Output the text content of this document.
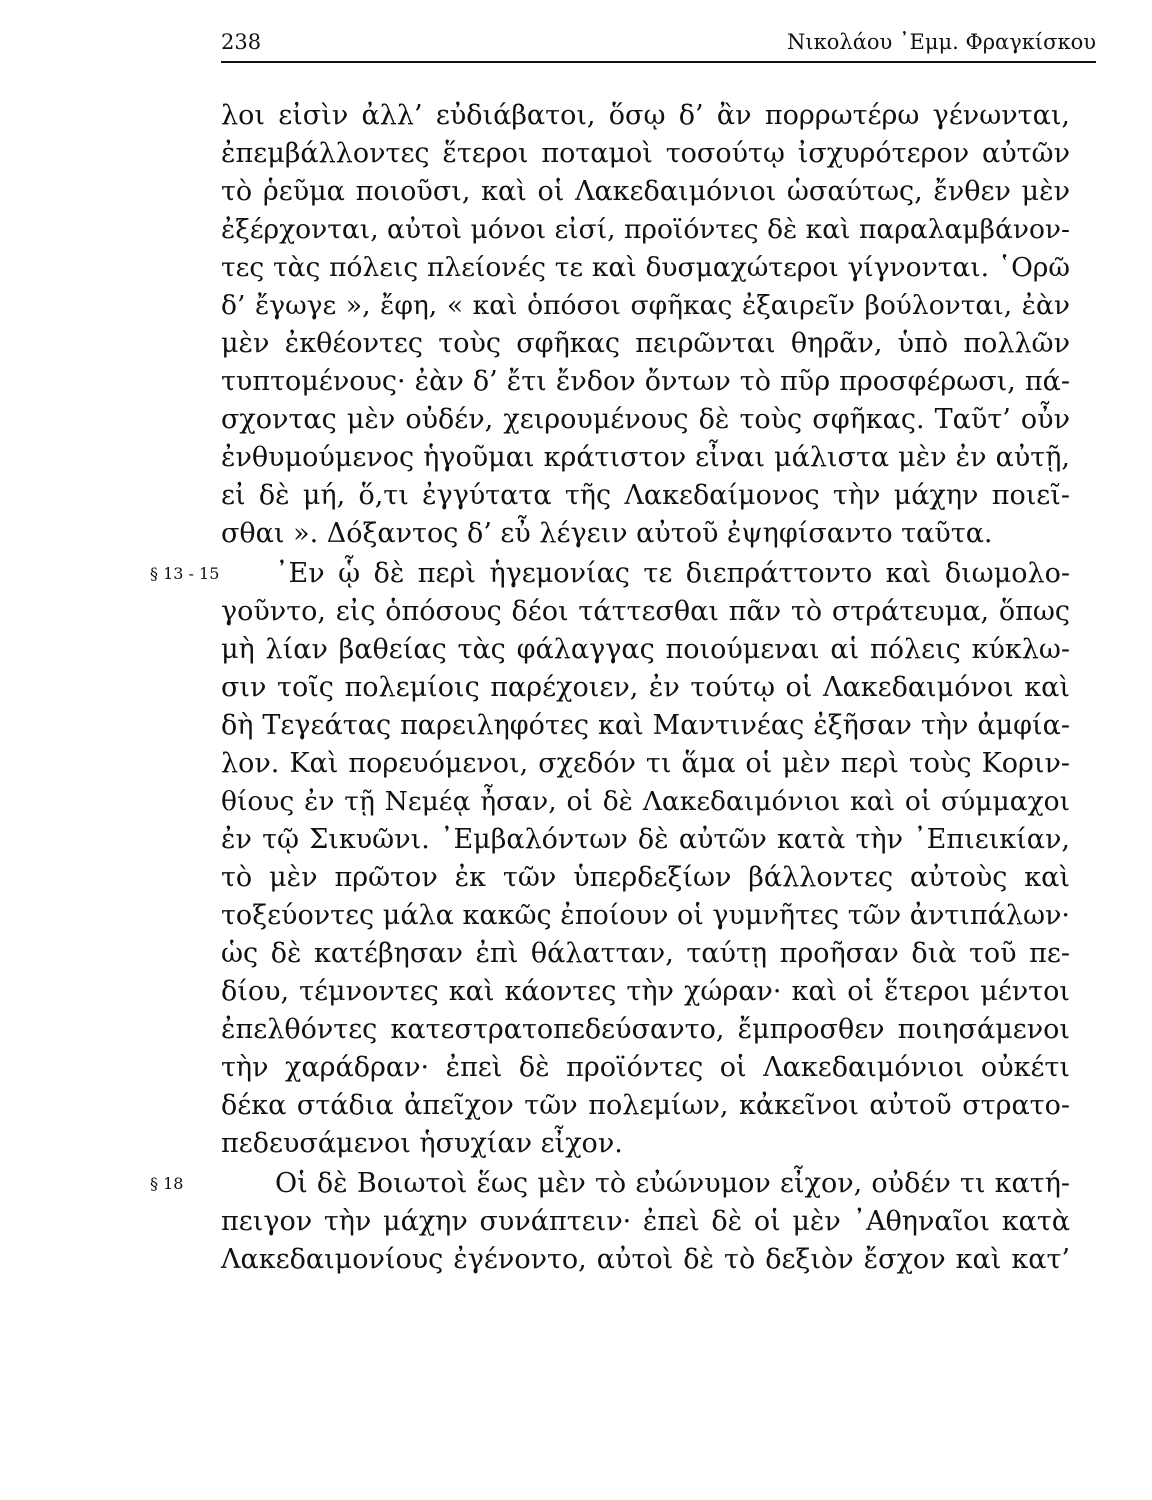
238	Νικολάου ᾿Εμμ. Φραγκίσκου
λοι εἰσὶν ἀλλ’ εὐδιάβατοι, ὅσῳ δ’ ἂν πορρωτέρω γένωνται,
ἐπεμβάλλοντες ἕτεροι ποταμοὶ τοσούτῳ ἰσχυρότερον αὐτῶν
τὸ ῥεῦμα ποιοῦσι, καὶ οἱ Λακεδαιμόνιοι ὡσαύτως, ἔνθεν μὲν
ἐξέρχονται, αὐτοὶ μόνοι εἰσί, προϊόντες δὲ καὶ παραλαμβάνον-
τες τὰς πόλεις πλείονές τε καὶ δυσμαχώτεροι γίγνονται. ῾Ορῶ
δ’ ἔγωγε », ἔφη, « καὶ ὁπόσοι σφῆκας ἐξαιρεῖν βούλονται, ἐὰν
μὲν ἐκθέοντες τοὺς σφῆκας πειρῶνται θηρᾶν, ὑπὸ πολλῶν
τυπτομένους· ἐὰν δ’ ἔτι ἔνδον ὄντων τὸ πῦρ προσφέρωσι, πά-
σχοντας μὲν οὐδέν, χειρουμένους δὲ τοὺς σφῆκας. Ταῦτ’ οὖν
ἐνθυμούμενος ἡγοῦμαι κράτιστον εἶναι μάλιστα μὲν ἐν αὐτῇ,
εἰ δὲ μή, ὅ,τι ἐγγύτατα τῆς Λακεδαίμονος τὴν μάχην ποιεῖ-
σθαι ». Δόξαντος δ’ εὖ λέγειν αὐτοῦ ἐψηφίσαντο ταῦτα.
§ 13 - 15 ᾿Εν ᾧ δὲ περὶ ἡγεμονίας τε διεπράττοντο καὶ διωμολο-
γοῦντο, εἰς ὁπόσους δέοι τάττεσθαι πᾶν τὸ στράτευμα, ὅπως
μὴ λίαν βαθείας τὰς φάλαγγας ποιούμεναι αἱ πόλεις κύκλω-
σιν τοῖς πολεμίοις παρέχοιεν, ἐν τούτῳ οἱ Λακεδαιμόνοι καὶ
δὴ Τεγεάτας παρειληφότες καὶ Μαντινέας ἐξῆσαν τὴν ἀμφία-
λον. Καὶ πορευόμενοι, σχεδόν τι ἅμα οἱ μὲν περὶ τοὺς Κοριν-
θίους ἐν τῇ Νεμέᾳ ἦσαν, οἱ δὲ Λακεδαιμόνιοι καὶ οἱ σύμμαχοι
ἐν τῷ Σικυῶνι. ᾿Εμβαλόντων δὲ αὐτῶν κατὰ τὴν ᾿Επιεικίαν,
τὸ μὲν πρῶτον ἐκ τῶν ὑπερδεξίων βάλλοντες αὐτοὺς καὶ
τοξεύοντες μάλα κακῶς ἐποίουν οἱ γυμνῆτες τῶν ἀντιπάλων·
ὡς δὲ κατέβησαν ἐπὶ θάλατταν, ταύτῃ προῆσαν διὰ τοῦ πε-
δίου, τέμνοντες καὶ κάοντες τὴν χώραν· καὶ οἱ ἕτεροι μέντοι
ἐπελθόντες κατεστρατοπεδεύσαντο, ἔμπροσθεν ποιησάμενοι
τὴν χαράδραν· ἐπεὶ δὲ προϊόντες οἱ Λακεδαιμόνιοι οὐκέτι
δέκα στάδια ἀπεῖχον τῶν πολεμίων, κἀκεῖνοι αὐτοῦ στρατο-
πεδευσάμενοι ἡσυχίαν εἶχον.
§ 18	Οἱ δὲ Βοιωτοὶ ἕως μὲν τὸ εὐώνυμον εἶχον, οὐδέν τι κατή-
πειγον τὴν μάχην συνάπτειν· ἐπεὶ δὲ οἱ μὲν ᾿Αθηναῖοι κατὰ
Λακεδαιμονίους ἐγένοντο, αὐτοὶ δὲ τὸ δεξιὸν ἔσχον καὶ κατ’
